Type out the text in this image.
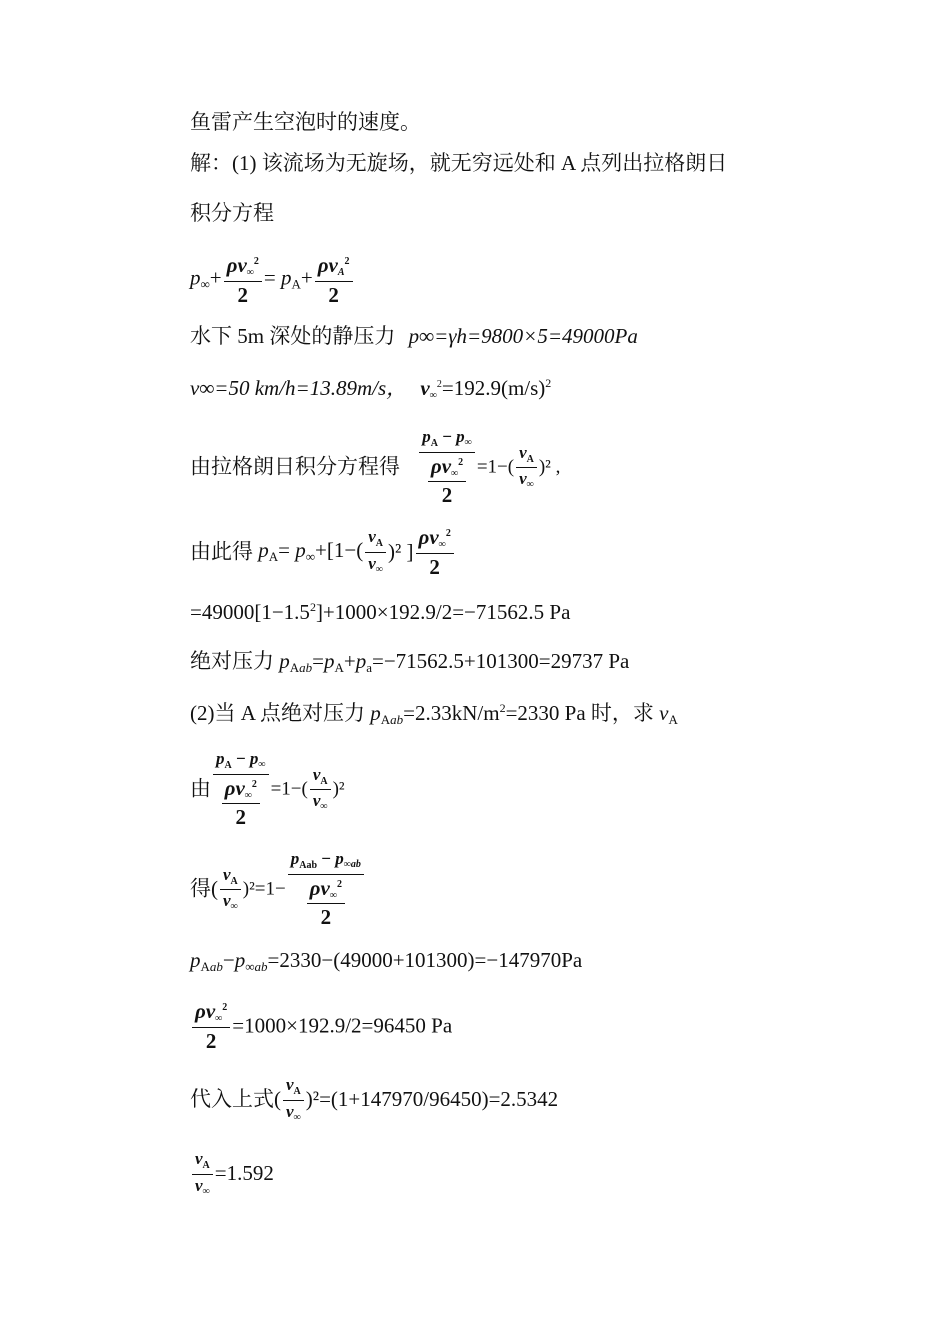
鱼雷产生空泡时的速度。
解：(1) 该流场为无旋场，就无穷远处和 A 点列出拉格朗日
积分方程
$p_\infty+ \frac{\rho v\infty^2}{2} = p_A+ \frac{\rho vA^2}{2}$
水下 5m 深处的静压力 p∞=γh=9800×5=49000Pa
v∞=50 km/h=13.89m/s， $v\infty^2=192.9(m/s)^2$
由拉格朗日积分方程得 $\frac{p_A - p\infty}{\frac{\rho v\infty^2}{2}} =1-( \frac{v_A}{v\infty} )^2$ ,
由此得 $p_A= p_\infty+[1-( \frac{v_A}{v\infty} )^2$ ] $\frac{\rho v\infty^2}{2}$
$=49000[1-1.5^2]+1000\times 192.9/2=-71562.5$ Pa
绝对压力 $p_{Aab}=p_A+p_a=-71562.5+101300=29737$ Pa
(2)当 A 点绝对压力 $p_{Aab}=2.33kN/m^2=2330$ Pa 时，求 $v_A$
由 $\frac{p_A - p\infty}{\frac{\rho v\infty^2}{2}} =1-( \frac{v_A}{v\infty} )^2$
得( $\frac{v_A}{v\infty} )^2=1- \frac{p_{Aab} - p\infty ab}{\frac{\rho v\infty^2}{2}}$
$p_{Aab}-p_{\infty ab}=2330-(49000+101300)=-147970Pa$
$\frac{\rho v\infty^2}{2} =1000\times 192.9/2=96450$ Pa
代入上式( $\frac{v_A}{v\infty} )^2=(1+147970/96450)=2.5342$
$\frac{v_A}{v\infty} =1.592$
